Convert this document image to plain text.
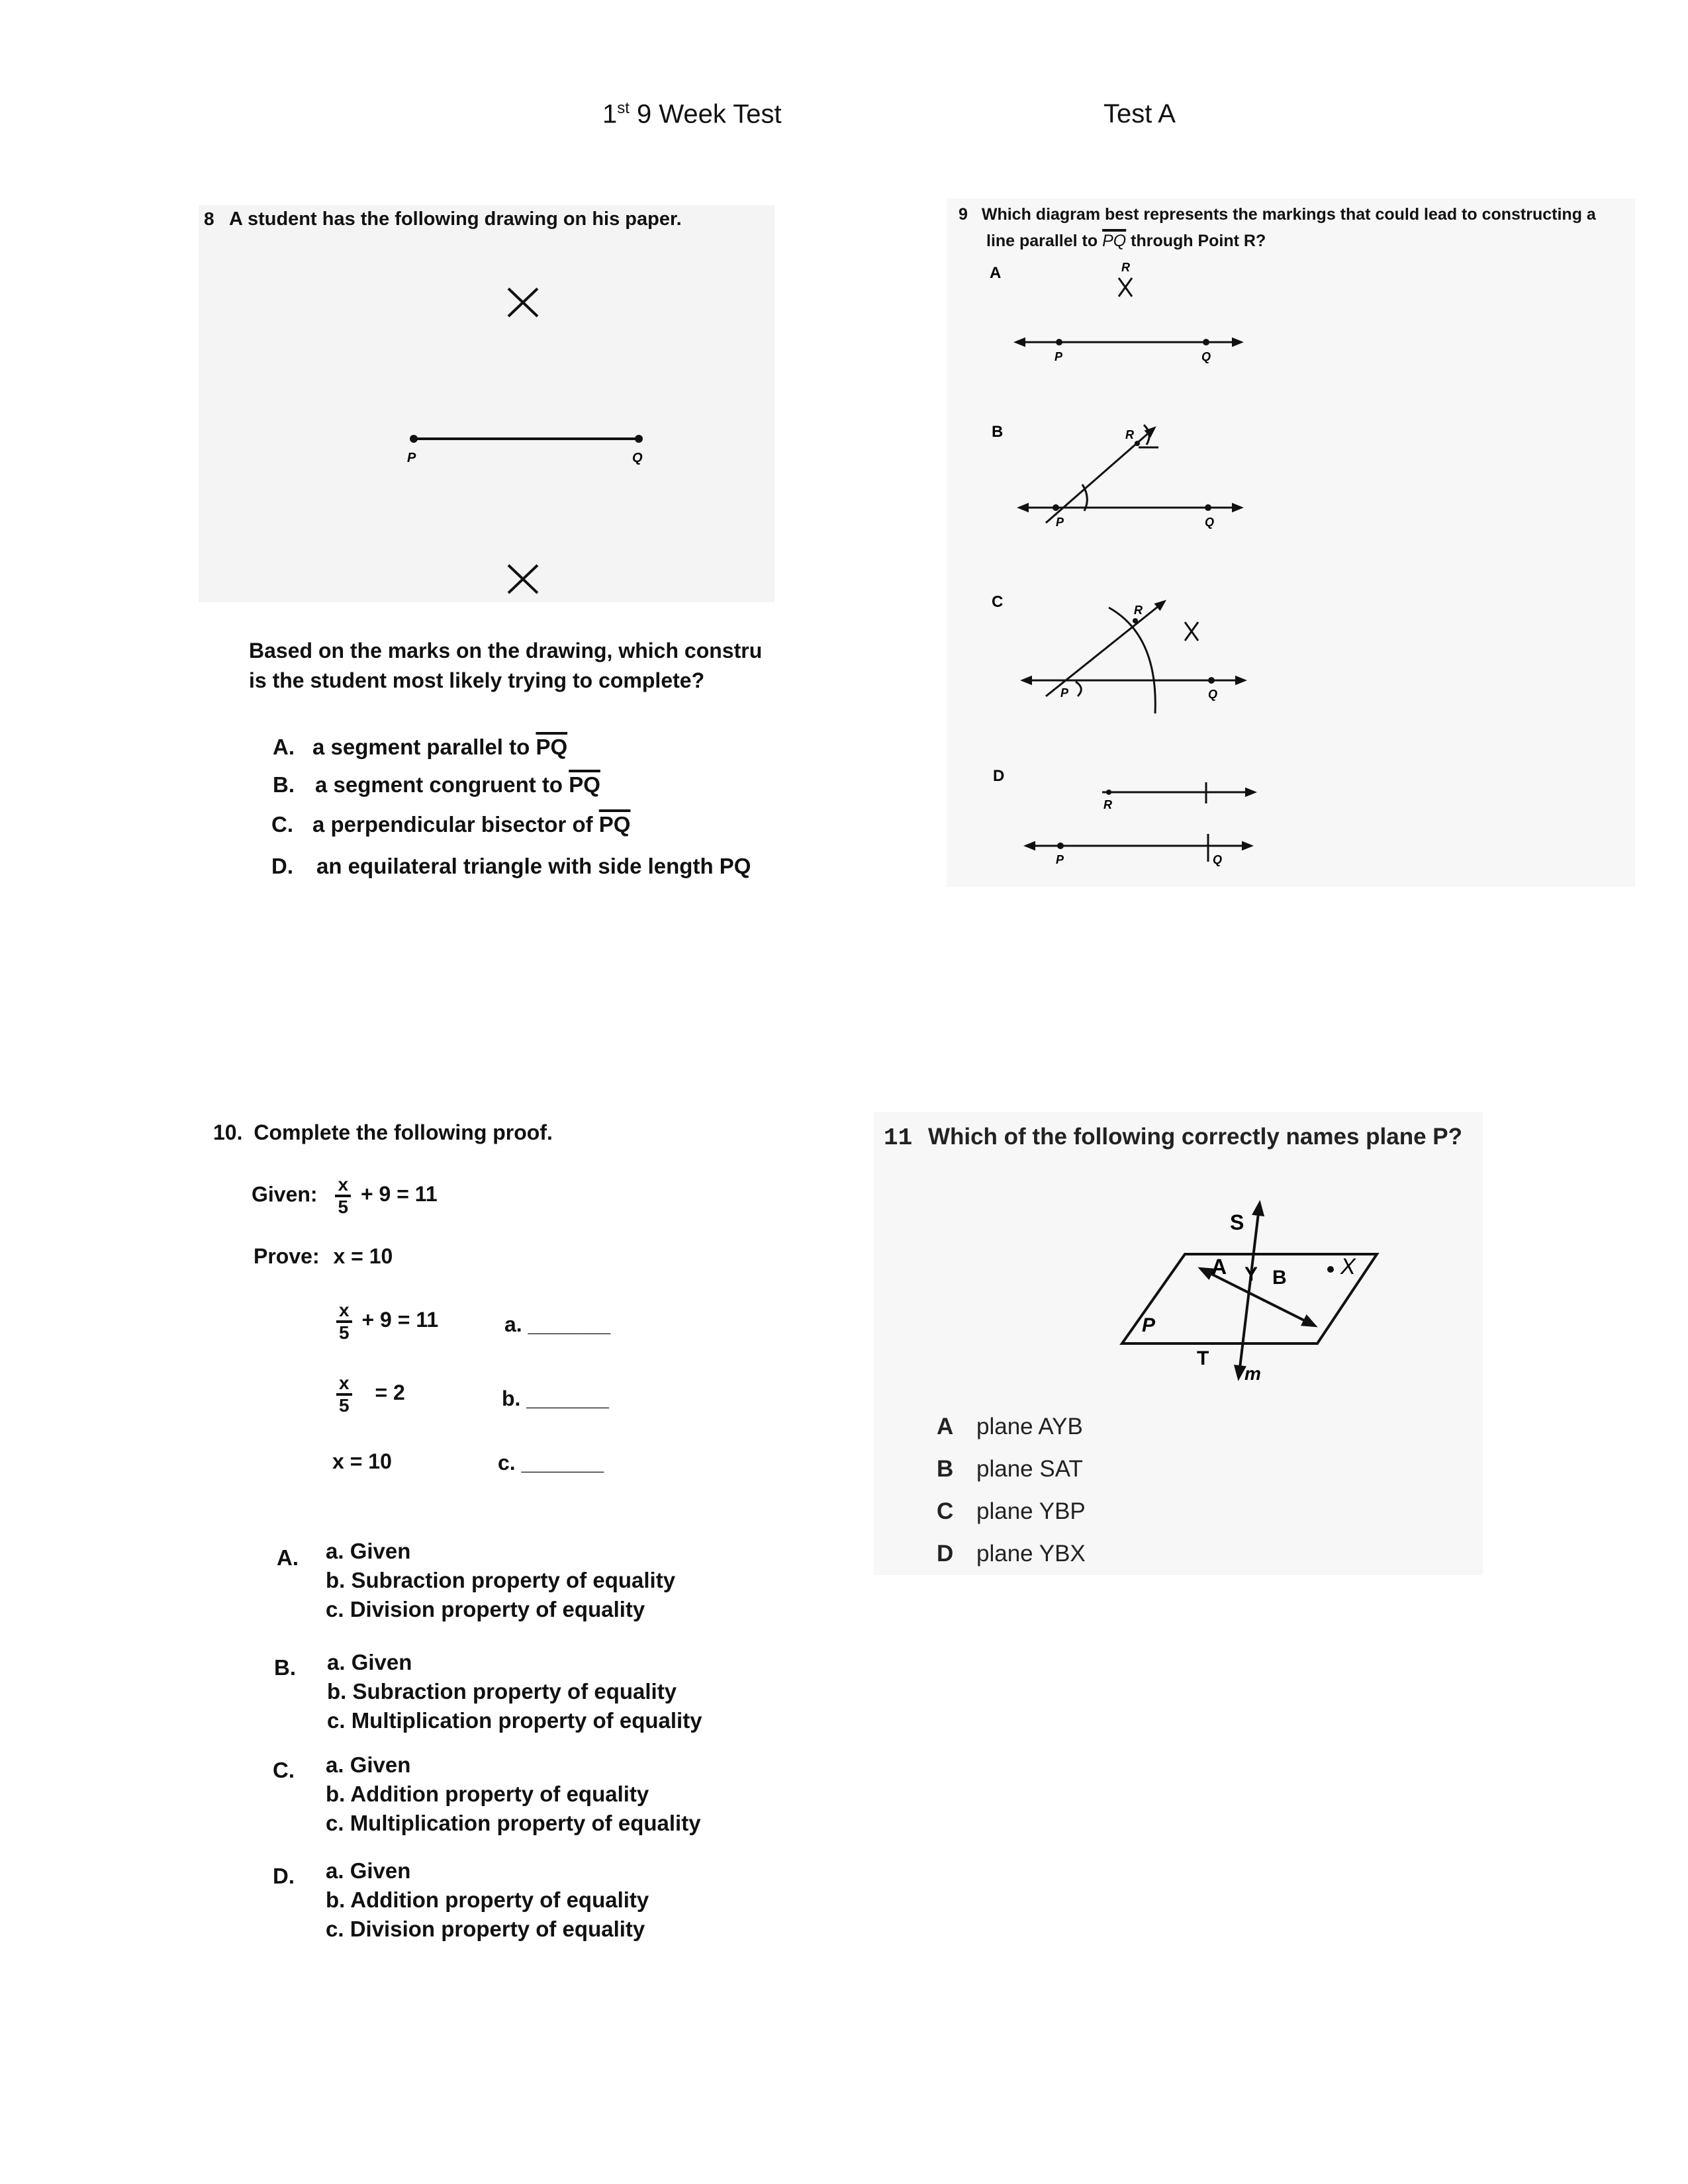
1st 9 Week Test	Test A
8 A student has the following drawing on his paper.
P	Q
Based on the marks on the drawing, which constru
is the student most likely trying to complete?
A. a segment parallel to $\overline{PQ}$
B. a segment congruent to $\overline{PQ}$
C. a perpendicular bisector of $\overline{PQ}$
D. an equilateral triangle with side length PQ
9 Which diagram best represents the markings that could lead to constructing a
line parallel to $\overline{PQ}$ through Point R?
A	R
P	Q
B	R
P	Q
C	R
P	Q
D
R
P	Q
10. Complete the following proof.
Given: $\frac{x}{5} + 9 = 11$
Prove: x = 10
$\frac{x}{5} + 9 = 11$	a. _______
$\frac{x}{5} = 2$	b. _______
x = 10	c. _______
A. a. Given
b. Subraction property of equality
c. Division property of equality
B. a. Given
b. Subraction property of equality
c. Multiplication property of equality
C. a. Given
b. Addition property of equality
c. Multiplication property of equality
D. a. Given
b. Addition property of equality
c. Division property of equality
11 Which of the following correctly names plane P?
S
A Y B X
P
T
m
A plane AYB
B plane SAT
C plane YBP
D plane YBX
